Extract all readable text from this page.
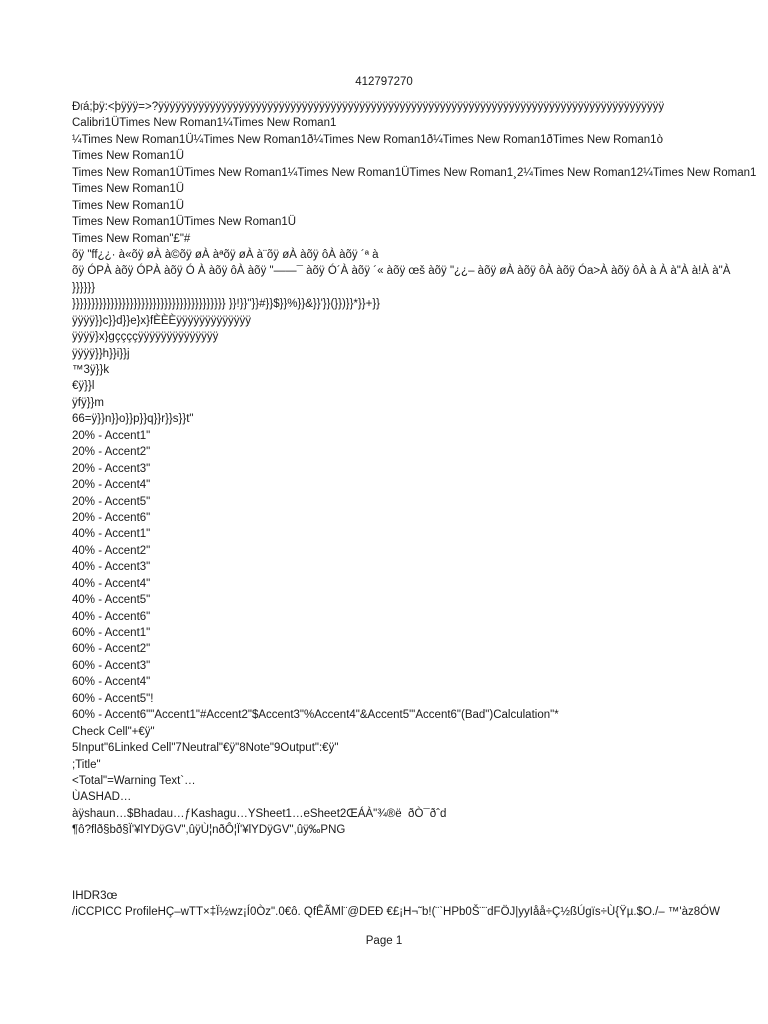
412797270
Ðࡱá;þÿ:<þÿÿÿ=>?ÿÿÿÿÿÿÿÿÿÿÿÿÿÿÿÿÿÿÿÿÿÿÿÿÿÿÿÿÿÿÿÿÿÿÿÿÿÿÿÿÿÿÿÿÿÿÿÿÿÿÿÿÿÿÿÿÿÿÿÿÿÿÿÿÿÿÿÿÿÿÿÿÿÿÿÿÿÿÿÿÿÿÿÿÿÿÿÿ
Calibri1ÜTimes New Roman1¼Times New Roman1
¼Times New Roman1Ü¼Times New Roman1ð¼Times New Roman1ð¼Times New Roman1ðTimes New Roman1ò
Times New Roman1Ü
Times New Roman1ÜTimes New Roman1¼Times New Roman1ÜTimes New Roman1¸2¼Times New Roman12¼Times New Roman1
Times New Roman1Ü
Times New Roman1Ü
Times New Roman1ÜTimes New Roman1Ü
Times New Roman"£"#
õÿ "ff¿¿· à«õÿ øÀ à©õÿ øÀ àªõÿ øÀ à¨õÿ øÀ àõÿ ôÀ àõÿ ´ª à
õÿ ÓPÀ àõÿ ÓPÀ àõÿ Ó À àõÿ ôÀ àõÿ "——¯ àõÿ Ó´À àõÿ ´« àõÿ œš àõÿ "¿¿– àõÿ øÀ àõÿ ôÀ àõÿ Óa>À àõÿ ôÀ à À à"À à!À à"À
}}}}}}
}}}}}}}}}}}}}}}}}}}}}}}}}}}}}}}}}}}}}}}} }}!}}"}}#}}$}}%}}&}}'}}(}})}}*}}+}}
ÿÿÿÿ}}c}}d}}e}x}fÈÈÈÿÿÿÿÿÿÿÿÿÿÿÿÿ
ÿÿÿÿ}x}gççççÿÿÿÿÿÿÿÿÿÿÿÿÿÿ
ÿÿÿÿ}}h}}i}}j
™3ÿ}}k
€ÿ}}l
ÿfÿ}}m
66=ÿ}}n}}o}}p}}q}}r}}s}}t"
20% - Accent1"
20% - Accent2"
20% - Accent3"
20% - Accent4"
20% - Accent5"
20% - Accent6"
40% - Accent1"
40% - Accent2"
40% - Accent3"
40% - Accent4"
40% - Accent5"
40% - Accent6"
60% - Accent1"
60% - Accent2"
60% - Accent3"
60% - Accent4"
60% - Accent5"!
60% - Accent6""Accent1"#Accent2"$Accent3"%Accent4"&Accent5"'Accent6"(Bad")Calculation"*
Check Cell"+€ÿ"
5Input"6Linked Cell"7Neutral"€ÿ"8Note"9Output":€ÿ"
;Title"
<Total"=Warning Text`…
ÙASHAD…
àÿshaun…$Bhadau…ƒKashagu…YSheet1…eSheet2ŒÁÀ"¾®ë  ðÒ¯ðˆd
¶ô?flð§bð§Ï'¥lYDÿGV",ûÿÙ¦nðÔ¦Ï'¥lYDÿGV",ûÿ‰PNG
IHDR3œ
/iCCPICC ProfileHÇ–wTT×‡Ï½wz¡Í0Òz".0€ô. QfÊÃMl¨@DEÐ €£¡H¬˜b!(¨`HPb0Š¨¨dFÖJ|yyIåå÷Ç½ßÚgïs÷Ù{Ÿµ.$O./– ™'àz8ÓW
Page 1
